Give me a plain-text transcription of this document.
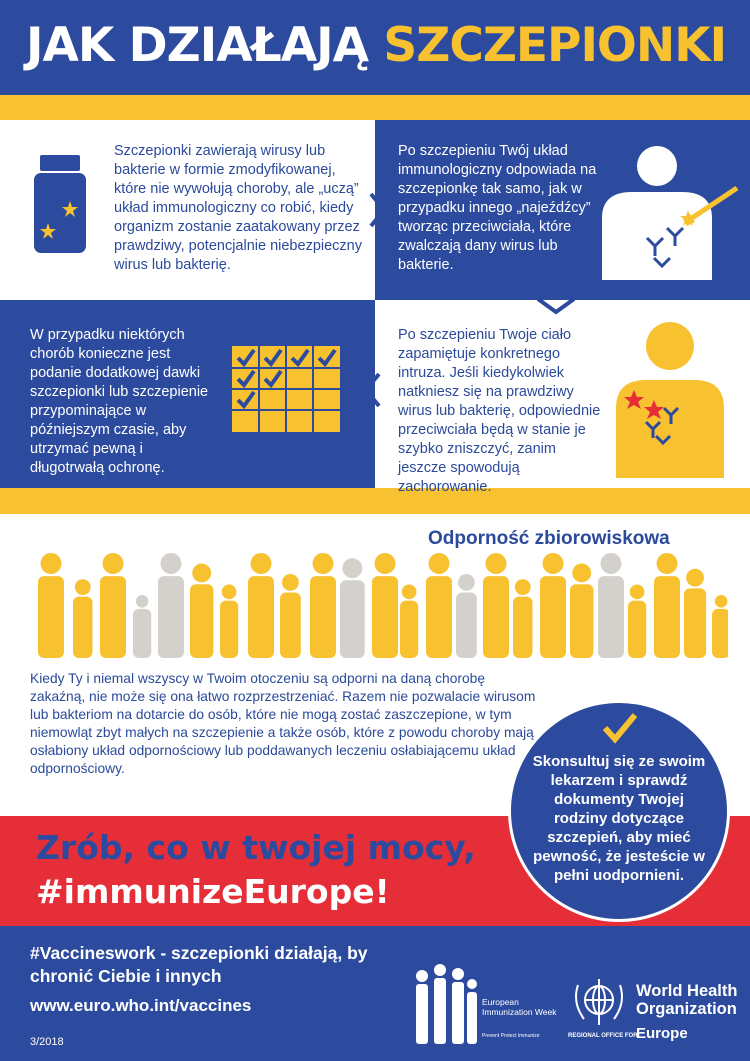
JAK DZIAŁAJĄ SZCZEPIONKI
Szczepionki zawierają wirusy lub bakterie w formie zmodyfikowanej, które nie wywołują choroby, ale „uczą” układ immunologiczny co robić, kiedy organizm zostanie zaatakowany przez prawdziwy, potencjalnie niebezpieczny wirus lub bakterię.
Po szczepieniu Twój układ immunologiczny odpowiada na szczepionkę tak samo, jak w przypadku innego „najeźdźcy” tworząc przeciwciała, które zwalczają dany wirus lub bakterie.
W przypadku niektórych chorób konieczne jest podanie dodatkowej dawki szczepionki lub szczepienie przypominające w późniejszym czasie, aby utrzymać pewną i długotrwałą ochronę.
Po szczepieniu Twoje ciało zapamiętuje konkretnego intruza. Jeśli kiedykolwiek natkniesz się na prawdziwy wirus lub bakterię, odpowiednie przeciwciała będą w stanie je szybko zniszczyć, zanim jeszcze spowodują zachorowanie.
Odporność zbiorowiskowa
Kiedy Ty i niemal wszyscy w Twoim otoczeniu są odporni na daną chorobę zakaźną, nie może się ona łatwo rozprzestrzeniać. Razem nie pozwalacie wirusom lub bakteriom na dotarcie do osób, które nie mogą zostać zaszczepione, w tym niemowląt zbyt małych na szczepienie a także osób, które z powodu choroby mają osłabiony układ odpornościowy lub poddawanych leczeniu osłabiającemu układ odpornościowy.
Zrób, co w twojej mocy,
#immunizeEurope!
Skonsultuj się ze swoim lekarzem i sprawdź dokumenty Twojej rodziny dotyczące szczepień, aby mieć pewność, że jesteście w pełni uodpornieni.
#Vaccineswork - szczepionki działają, by chronić Ciebie i innych
www.euro.who.int/vaccines
3/2018
European Immunization Week
Prevent Protect Immunize
World Health
Organization
REGIONAL OFFICE FOR
Europe
